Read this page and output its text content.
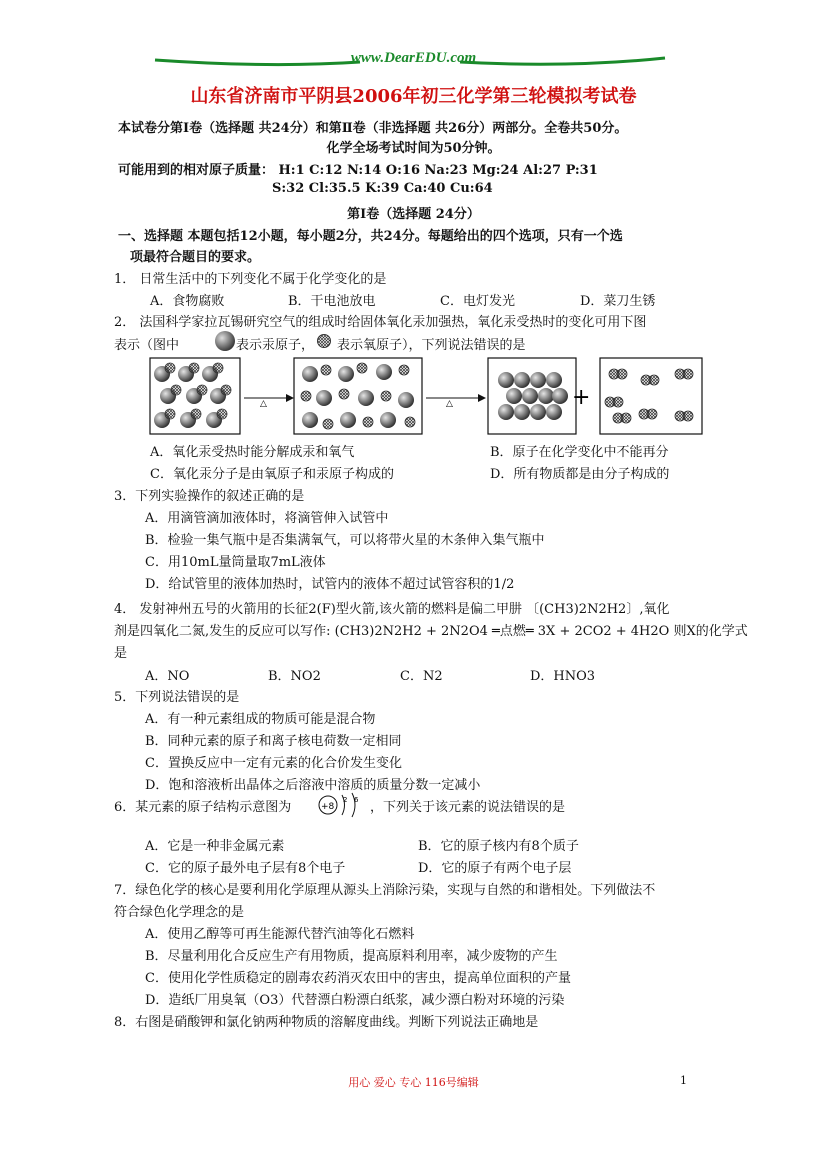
www.DearEDU.com
山东省济南市平阴县2006年初三化学第三轮模拟考试卷
本试卷分第Ⅰ卷（选择题 共24分）和第Ⅱ卷（非选择题 共26分）两部分。全卷共50分。
化学全场考试时间为50分钟。
可能用到的相对原子质量： H:1 C:12 N:14 O:16 Na:23 Mg:24 Al:27 P:31
S:32 Cl:35.5 K:39 Ca:40 Cu:64
第Ⅰ卷（选择题 24分）
一、选择题 本题包括12小题，每小题2分，共24分。每题给出的四个选项，只有一个选
项最符合题目的要求。
1． 日常生活中的下列变化不属于化学变化的是
A．食物腐败	B．干电池放电	C．电灯发光	D．菜刀生锈
2． 法国科学家拉瓦锡研究空气的组成时给固体氧化汞加强热，氧化汞受热时的变化可用下图
表示（图中	表示汞原子， 表示氧原子），下列说法错误的是
△	△	+
A．氧化汞受热时能分解成汞和氧气	B．原子在化学变化中不能再分
C．氧化汞分子是由氧原子和汞原子构成的	D．所有物质都是由分子构成的
3．下列实验操作的叙述正确的是
A．用滴管滴加液体时，将滴管伸入试管中
B．检验一集气瓶中是否集满氧气，可以将带火星的木条伸入集气瓶中
C．用10mL量筒量取7mL液体
D．给试管里的液体加热时，试管内的液体不超过试管容积的1/2
4． 发射神州五号的火箭用的长征2(F)型火箭,该火箭的燃料是偏二甲肼 〔(CH3)2N2H2〕,氧化
剂是四氧化二氮,发生的反应可以写作: (CH3)2N2H2 + 2N2O4 ═点燃═ 3X + 2CO2 + 4H2O 则X的化学式
是
A．NO	B．NO2	C．N2	D．HNO3
5．下列说法错误的是
A．有一种元素组成的物质可能是混合物
B．同种元素的原子和离子核电荷数一定相同
C．置换反应中一定有元素的化合价发生变化
D．饱和溶液析出晶体之后溶液中溶质的质量分数一定减小
6．某元素的原子结构示意图为	+8
2 6 ，下列关于该元素的说法错误的是
A．它是一种非金属元素	B．它的原子核内有8个质子
C．它的原子最外电子层有8个电子	D．它的原子有两个电子层
7．绿色化学的核心是要利用化学原理从源头上消除污染，实现与自然的和谐相处。下列做法不
符合绿色化学理念的是
A．使用乙醇等可再生能源代替汽油等化石燃料
B．尽量利用化合反应生产有用物质，提高原料利用率，减少废物的产生
C．使用化学性质稳定的剧毒农药消灭农田中的害虫，提高单位面积的产量
D．造纸厂用臭氧（O3）代替漂白粉漂白纸浆，减少漂白粉对环境的污染
8．右图是硝酸钾和氯化钠两种物质的溶解度曲线。判断下列说法正确地是
用心 爱心 专心 116号编辑	1
